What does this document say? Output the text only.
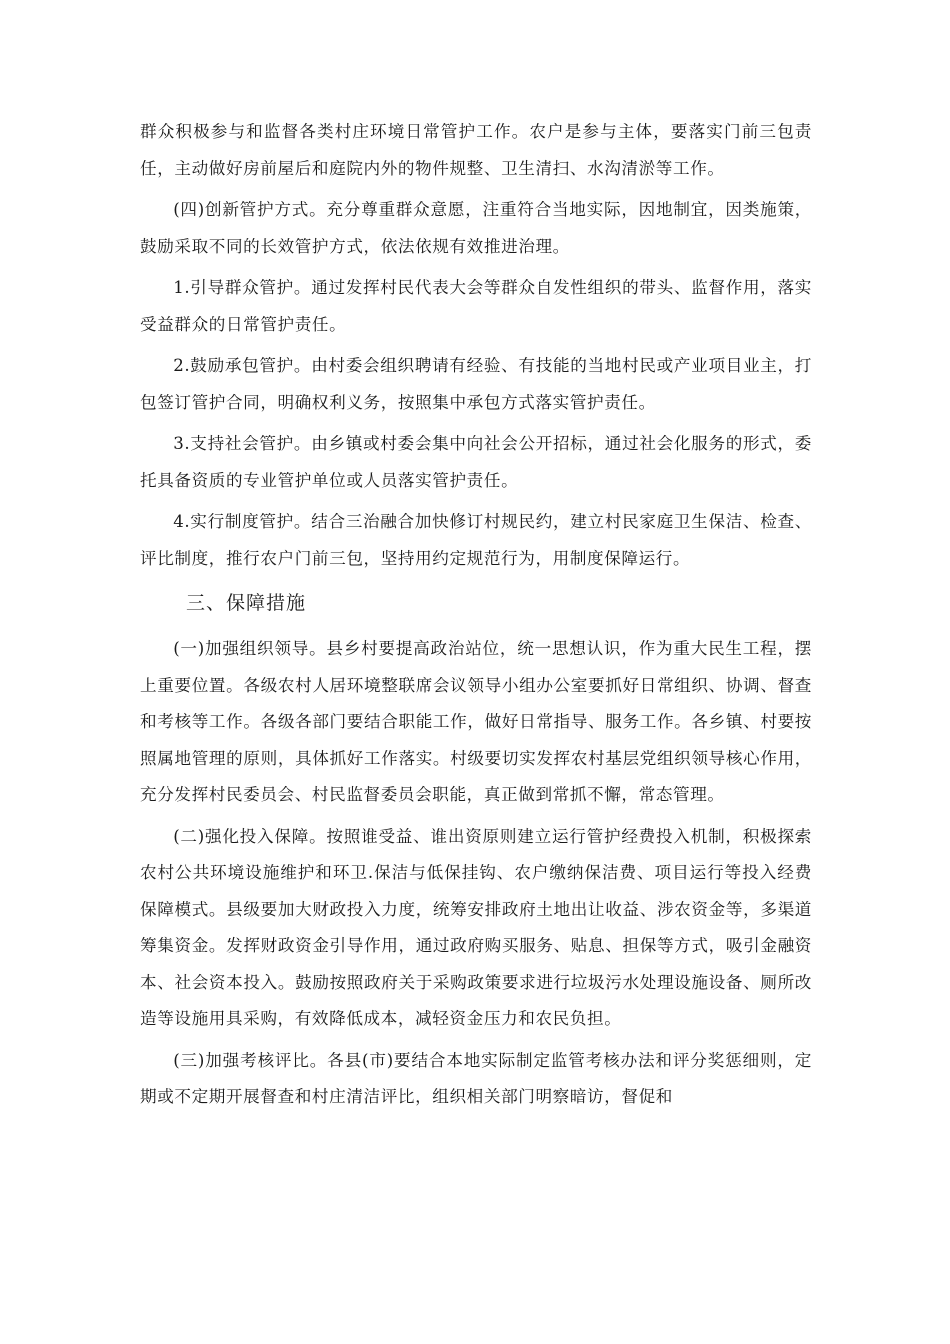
群众积极参与和监督各类村庄环境日常管护工作。农户是参与主体，要落实门前三包责任，主动做好房前屋后和庭院内外的物件规整、卫生清扫、水沟清淤等工作。

(四)创新管护方式。充分尊重群众意愿，注重符合当地实际，因地制宜，因类施策，鼓励采取不同的长效管护方式，依法依规有效推进治理。

1.引导群众管护。通过发挥村民代表大会等群众自发性组织的带头、监督作用，落实受益群众的日常管护责任。

2.鼓励承包管护。由村委会组织聘请有经验、有技能的当地村民或产业项目业主，打包签订管护合同，明确权利义务，按照集中承包方式落实管护责任。

3.支持社会管护。由乡镇或村委会集中向社会公开招标，通过社会化服务的形式，委托具备资质的专业管护单位或人员落实管护责任。

4.实行制度管护。结合三治融合加快修订村规民约，建立村民家庭卫生保洁、检查、评比制度，推行农户门前三包，坚持用约定规范行为，用制度保障运行。

三、保障措施

(一)加强组织领导。县乡村要提高政治站位，统一思想认识，作为重大民生工程，摆上重要位置。各级农村人居环境整联席会议领导小组办公室要抓好日常组织、协调、督查和考核等工作。各级各部门要结合职能工作，做好日常指导、服务工作。各乡镇、村要按照属地管理的原则，具体抓好工作落实。村级要切实发挥农村基层党组织领导核心作用，充分发挥村民委员会、村民监督委员会职能，真正做到常抓不懈，常态管理。

(二)强化投入保障。按照谁受益、谁出资原则建立运行管护经费投入机制，积极探索农村公共环境设施维护和环卫.保洁与低保挂钩、农户缴纳保洁费、项目运行等投入经费保障模式。县级要加大财政投入力度，统筹安排政府土地出让收益、涉农资金等，多渠道筹集资金。发挥财政资金引导作用，通过政府购买服务、贴息、担保等方式，吸引金融资本、社会资本投入。鼓励按照政府关于采购政策要求进行垃圾污水处理设施设备、厕所改造等设施用具采购，有效降低成本，减轻资金压力和农民负担。

(三)加强考核评比。各县(市)要结合本地实际制定监管考核办法和评分奖惩细则，定期或不定期开展督查和村庄清洁评比，组织相关部门明察暗访，督促和
